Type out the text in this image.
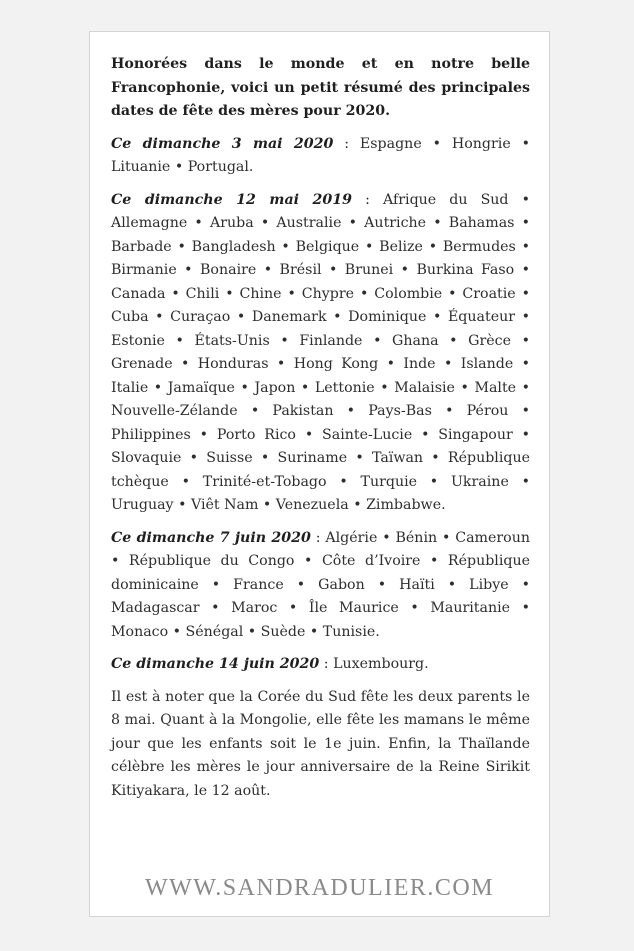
Honorées dans le monde et en notre belle Francophonie, voici un petit résumé des principales dates de fête des mères pour 2020.

Ce dimanche 3 mai 2020 : Espagne • Hongrie • Lituanie • Portugal.

Ce dimanche 12 mai 2019 : Afrique du Sud • Allemagne • Aruba • Australie • Autriche • Bahamas • Barbade • Bangladesh • Belgique • Belize • Bermudes • Birmanie • Bonaire • Brésil • Brunei • Burkina Faso • Canada • Chili • Chine • Chypre • Colombie • Croatie • Cuba • Curaçao • Danemark • Dominique • Équateur • Estonie • États-Unis • Finlande • Ghana • Grèce • Grenade • Honduras • Hong Kong • Inde • Islande • Italie • Jamaïque • Japon • Lettonie • Malaisie • Malte • Nouvelle-Zélande • Pakistan • Pays-Bas • Pérou • Philippines • Porto Rico • Sainte-Lucie • Singapour • Slovaquie • Suisse • Suriname • Taïwan • République tchèque • Trinité-et-Tobago • Turquie • Ukraine • Uruguay • Viêt Nam • Venezuela • Zimbabwe.

Ce dimanche 7 juin 2020 : Algérie • Bénin • Cameroun • République du Congo • Côte d’Ivoire • République dominicaine • France • Gabon • Haïti • Libye • Madagascar • Maroc • Île Maurice • Mauritanie • Monaco • Sénégal • Suède • Tunisie.

Ce dimanche 14 juin 2020 : Luxembourg.

Il est à noter que la Corée du Sud fête les deux parents le 8 mai. Quant à la Mongolie, elle fête les mamans le même jour que les enfants soit le 1e juin. Enfin, la Thaïlande célèbre les mères le jour anniversaire de la Reine Sirikit Kitiyakara, le 12 août.

WWW.SANDRADULIER.COM
